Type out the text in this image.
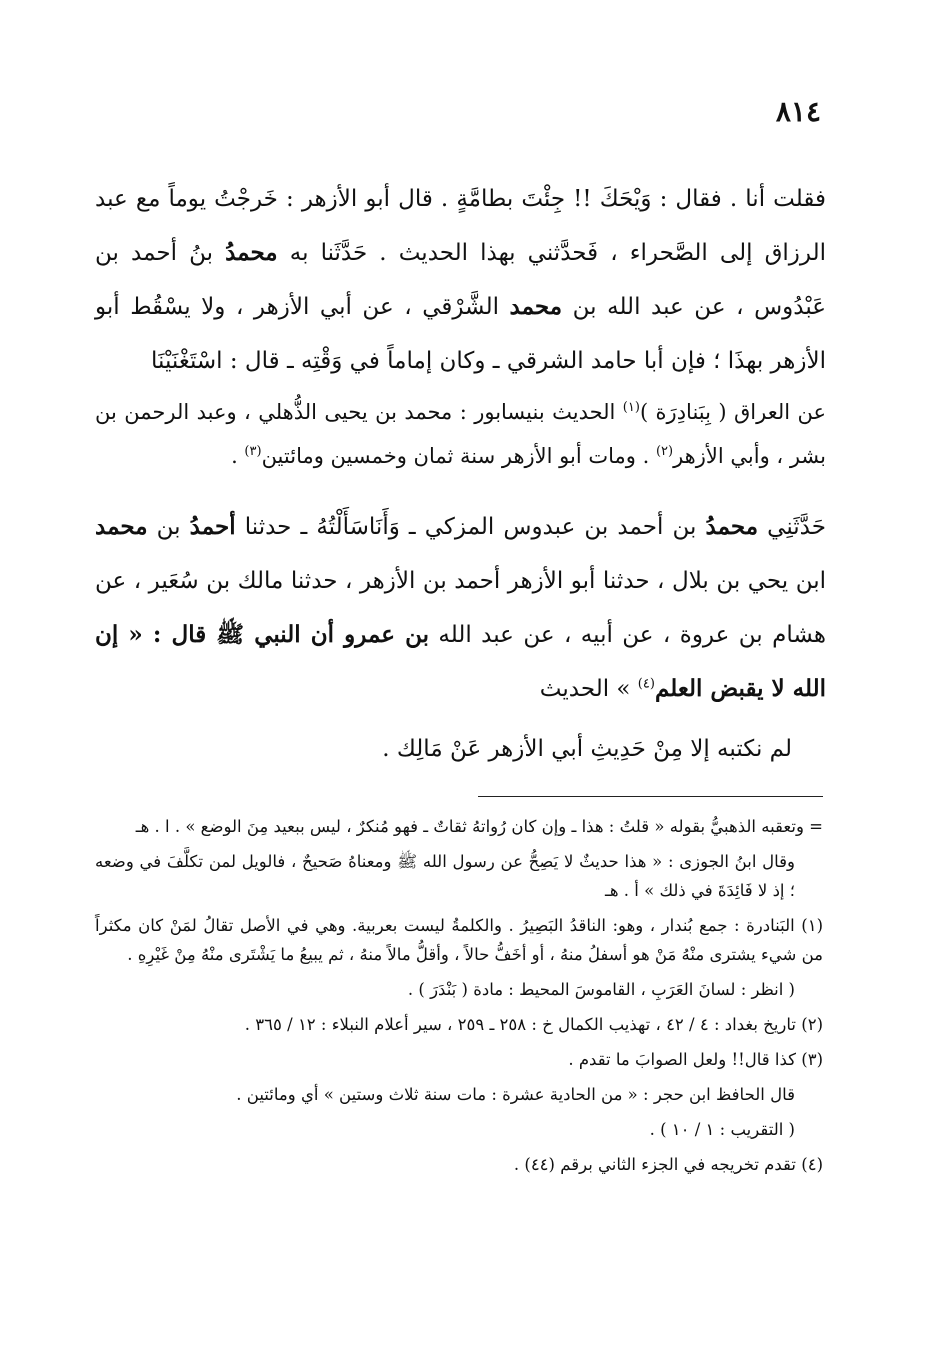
٨١٤

فقلت أنا . فقال : وَيْحَكَ !! جِئْتَ بطامَّةٍ . قال أبو الأزهر : خَرجْتُ يوماً مع عبد الرزاق إلى الصَّحراء ، فَحدَّثني بهذا الحديث . حَدَّثَنا به محمدُ بنُ أحمد بن عَبْدُوس ، عن عبد الله بن محمد الشَّرْقي ، عن أبي الأزهر ، ولا يسْقُط أبو الأزهر بهذَا ؛ فإن أبا حامد الشرقي ـ وكان إماماً في وَقْتِه ـ قال : اسْتَغْنَيْنَا

عن العراق ( بِبَنادِرَة )$^{(١)}$ الحديث بنيسابور : محمد بن يحيى الذُّهلي ، وعبد الرحمن بن بشر ، وأبي الأزهر$^{(٢)}$ . ومات أبو الأزهر سنة ثمان وخمسين ومائتين$^{(٣)}$ .

حَدَّثَنِي محمدُ بن أحمد بن عبدوس المزكي ـ وَأَنَاسَأَلْتُهُ ـ حدثنا أحمدُ بن محمد ابن يحي بن بلال ، حدثنا أبو الأزهر أحمد بن الأزهر ، حدثنا مالك بن سُعَير ، عن هشام بن عروة ، عن أبيه ، عن عبد الله بن عمرو أن النبي ﷺ قال : « إن الله لا يقبض العلم$^{(٤)}$ » الحديث

لم نكتبه إلا مِنْ حَدِيثِ أبي الأزهر عَنْ مَالِك .

= وتعقبه الذهبيُّ بقوله « قلتُ : هذا ـ وإن كان رُواتهُ ثقاتٌ ـ فهو مُنكرٌ ، ليس ببعيد مِنَ الوضع » . ا . هـ

وقال ابنُ الجوزى : « هذا حديثٌ لا يَصِحُّ عن رسول الله ﷺ ومعناهُ صَحيحٌ ، فالويل لمن تكلَّفَ في وضعه ؛ إذ لا فَائِدَةَ في ذلك » أ . هـ

(١) البَنادرة : جمع بُندار ، وهو: الناقدُ البَصِيرُ . والكلمةُ ليست بعربية. وهي في الأصل تقالُ لمَنْ كان مكثراً من شيء يشترى منْهُ مَنْ هو أسفلُ منهُ ، أو أخَفُّ حالاً ، وأقلُّ مالاً منهُ ، ثم يبيعُ ما يَشْتَرى منْهُ مِنْ غَيْرِهِ .

( انظر : لسانَ العَرَبِ ، القاموسَ المحيط : مادة ( بَنْدَرَ ) .

(٢) تاريخ بغداد : ٤ / ٤٢ ، تهذيب الكمال خ : ٢٥٨ ـ ٢٥٩ ، سير أعلام النبلاء : ١٢ / ٣٦٥ .

(٣) كذا قال!! ولعل الصوابَ ما تقدم .

قال الحافظ ابن حجر : « من الحادية عشرة : مات سنة ثلاث وستين » أي ومائتين .

( التقريب : ١ / ١٠ ) .

(٤) تقدم تخريجه في الجزء الثاني برقم (٤٤) .
